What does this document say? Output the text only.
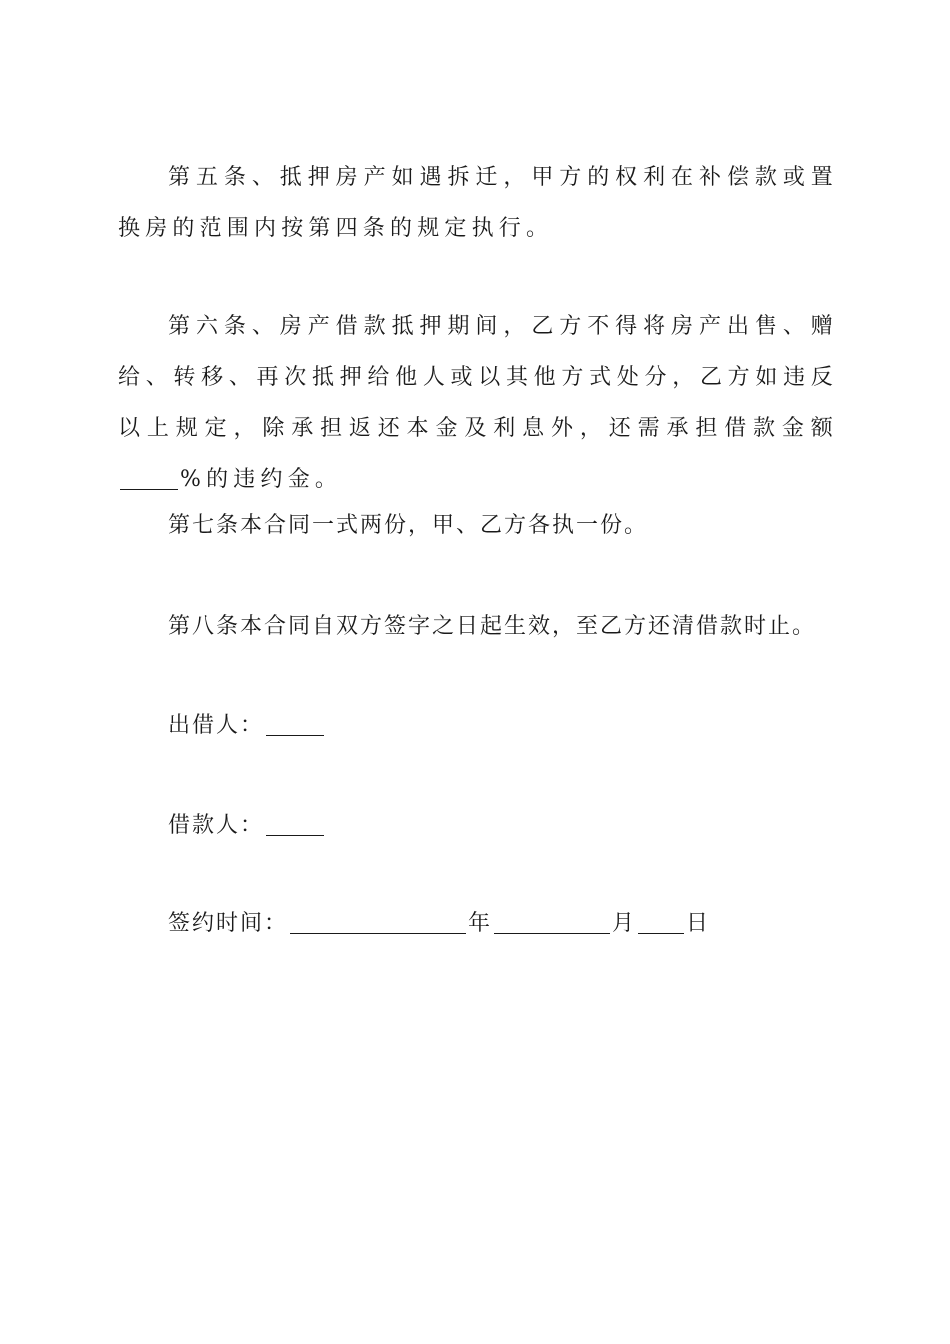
第五条、抵押房产如遇拆迁，甲方的权利在补偿款或置换房的范围内按第四条的规定执行。

第六条、房产借款抵押期间，乙方不得将房产出售、赠给、转移、再次抵押给他人或以其他方式处分，乙方如违反以上规定，除承担返还本金及利息外，还需承担借款金额%的违约金。

第七条本合同一式两份，甲、乙方各执一份。

第八条本合同自双方签字之日起生效，至乙方还清借款时止。

出借人：

借款人：

签约时间：	年	月 日
